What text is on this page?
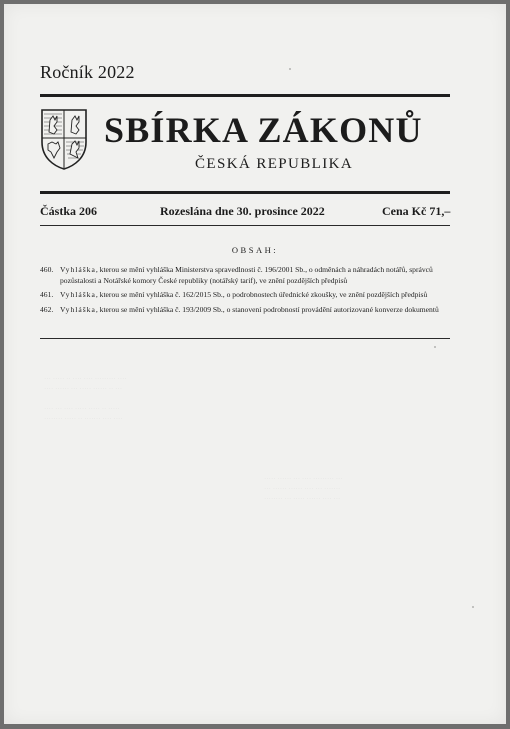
··· ····· ·· ···· ···· ········· ····
···· ······ ··· ····· ······ ·· ···

···· ··· ···· ····· ····· ·· ·····
········ ····· ·· ······· ···· ····
····· ······ ··· ···· ········· ···
··· ······ ······ ···· ··· ·······
········ ··· ····· ······ ···· ···
Ročník 2022
SBÍRKA ZÁKONŮ
ČESKÁ REPUBLIKA
Částka 206	Rozeslána dne 30. prosince 2022	Cena Kč 71,–
OBSAH:
460. Vyhláška, kterou se mění vyhláška Ministerstva spravedlnosti č. 196/2001 Sb., o odměnách a náhradách notářů, správců pozůstalosti a Notářské komory České republiky (notářský tarif), ve znění pozdějších předpisů
461. Vyhláška, kterou se mění vyhláška č. 162/2015 Sb., o podrobnostech úřednické zkoušky, ve znění pozdějších předpisů
462. Vyhláška, kterou se mění vyhláška č. 193/2009 Sb., o stanovení podrobností provádění autorizované konverze dokumentů
